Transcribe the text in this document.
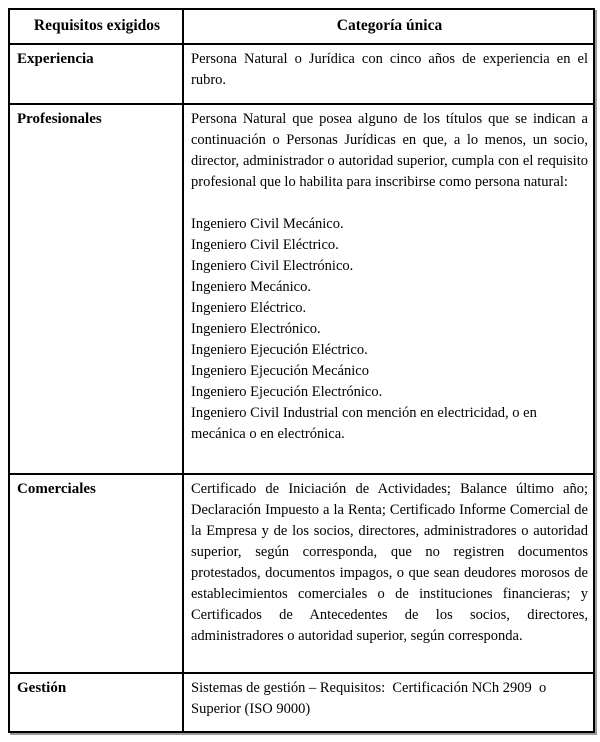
Requisitos exigidos	Categoría única
Experiencia	Persona Natural o Jurídica con cinco años de experiencia en el rubro.
Profesionales	Persona Natural que posea alguno de los títulos que se indican a continuación o Personas Jurídicas en que, a lo menos, un socio, director, administrador o autoridad superior, cumpla con el requisito profesional que lo habilita para inscribirse como persona natural:
Ingeniero Civil Mecánico.
Ingeniero Civil Eléctrico.
Ingeniero Civil Electrónico.
Ingeniero Mecánico.
Ingeniero Eléctrico.
Ingeniero Electrónico.
Ingeniero Ejecución Eléctrico.
Ingeniero Ejecución Mecánico
Ingeniero Ejecución Electrónico.
Ingeniero Civil Industrial con mención en electricidad, o en mecánica o en electrónica.

Comerciales	Certificado de Iniciación de Actividades; Balance último año; Declaración Impuesto a la Renta; Certificado Informe Comercial de la Empresa y de los socios, directores, administradores o autoridad superior, según corresponda, que no registren documentos protestados, documentos impagos, o que sean deudores morosos de establecimientos comerciales o de instituciones financieras; y Certificados de Antecedentes de los socios, directores, administradores o autoridad superior, según corresponda.
Gestión	Sistemas de gestión – Requisitos:  Certificación NCh 2909  o Superior (ISO 9000)
